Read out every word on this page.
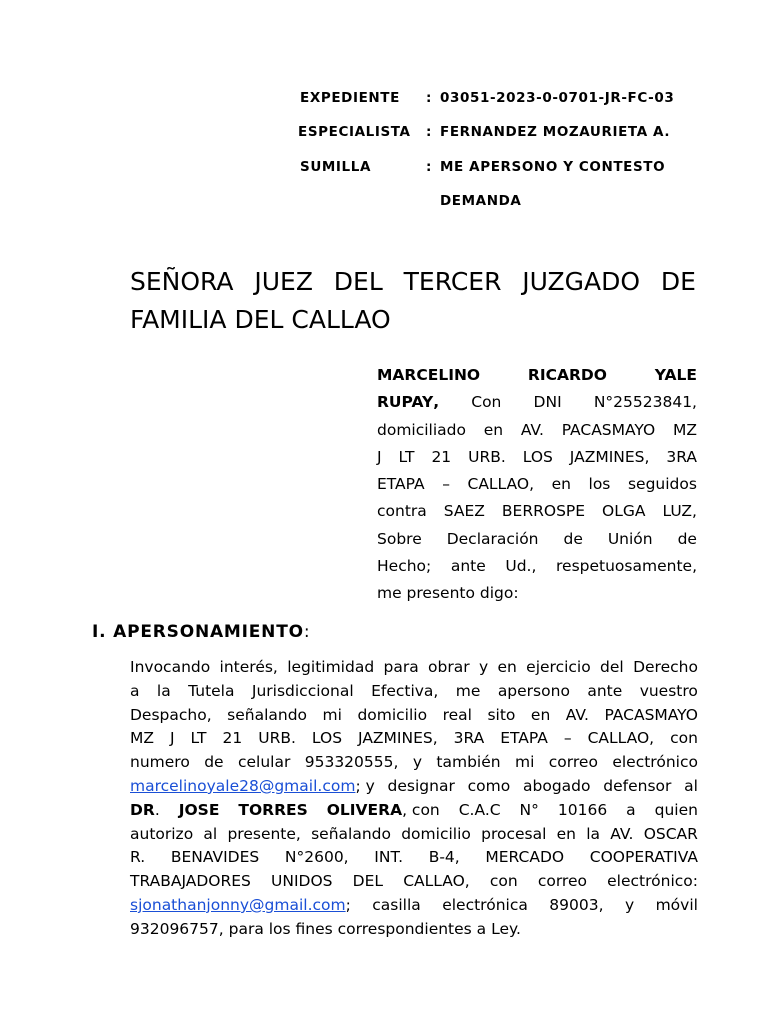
EXPEDIENTE : 03051-2023-0-0701-JR-FC-03
ESPECIALISTA : FERNANDEZ MOZAURIETA A.
SUMILLA	: ME APERSONO Y CONTESTO
DEMANDA
SEÑORA JUEZ DEL TERCER JUZGADO DE
FAMILIA DEL CALLAO
MARCELINO	RICARDO	YALE
RUPAY, Con DNI N°25523841,
domiciliado en AV. PACASMAYO MZ
J LT 21 URB. LOS JAZMINES, 3RA
ETAPA – CALLAO, en los seguidos
contra SAEZ BERROSPE OLGA LUZ,
Sobre Declaración de Unión de
Hecho; ante Ud., respetuosamente,
me presento digo:
I. APERSONAMIENTO:
Invocando interés, legitimidad para obrar y en ejercicio del Derecho
a la Tutela Jurisdiccional Efectiva, me apersono ante vuestro
Despacho, señalando mi domicilio real sito en AV. PACASMAYO
MZ J LT 21 URB. LOS JAZMINES, 3RA ETAPA – CALLAO, con
numero de celular 953320555, y también mi correo electrónico
marcelinoyale28@gmail.com; y designar como abogado defensor al
DR. JOSE TORRES OLIVERA, con C.A.C N° 10166 a quien
autorizo al presente, señalando domicilio procesal en la AV. OSCAR
R. BENAVIDES N°2600, INT. B-4, MERCADO COOPERATIVA
TRABAJADORES UNIDOS DEL CALLAO, con correo electrónico:
sjonathanjonny@gmail.com; casilla electrónica 89003, y móvil
932096757, para los fines correspondientes a Ley.
